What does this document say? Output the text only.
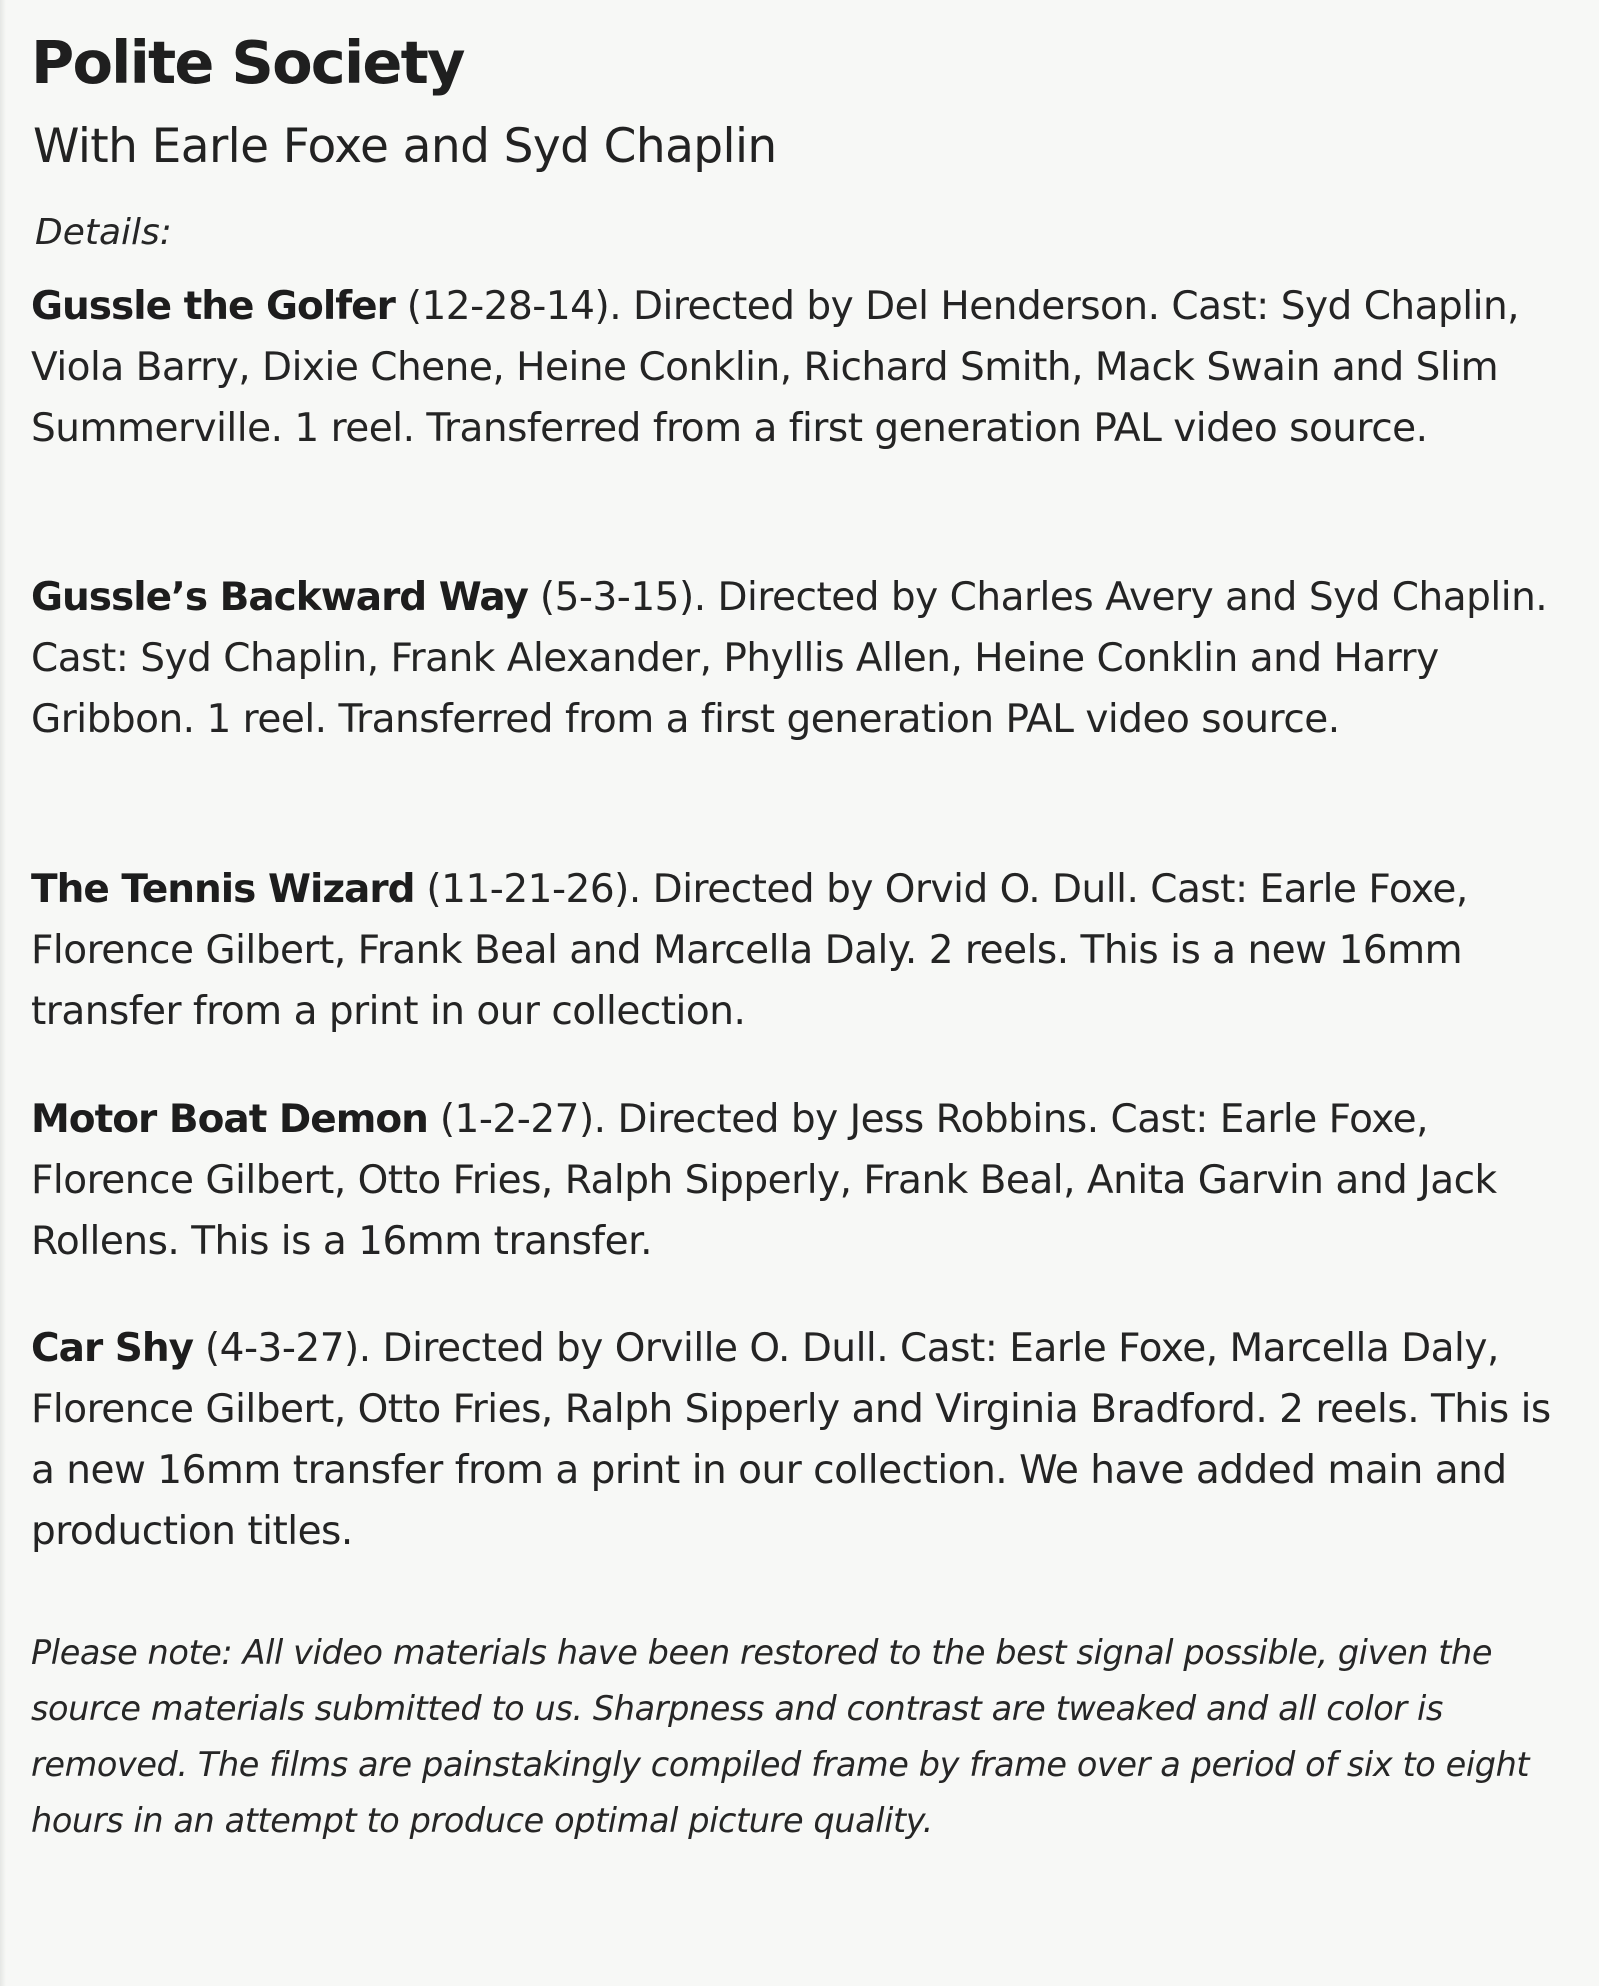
Polite Society
With Earle Foxe and Syd Chaplin

Details:

Gussle the Golfer (12-28-14). Directed by Del Henderson. Cast: Syd Chaplin, Viola Barry, Dixie Chene, Heine Conklin, Richard Smith, Mack Swain and Slim Summerville. 1 reel. Transferred from a first generation PAL video source.

Gussle’s Backward Way (5-3-15). Directed by Charles Avery and Syd Chaplin. Cast: Syd Chaplin, Frank Alexander, Phyllis Allen, Heine Conklin and Harry Gribbon. 1 reel. Transferred from a first generation PAL video source.

The Tennis Wizard (11-21-26). Directed by Orvid O. Dull. Cast: Earle Foxe, Florence Gilbert, Frank Beal and Marcella Daly. 2 reels. This is a new 16mm transfer from a print in our collection.

Motor Boat Demon (1-2-27). Directed by Jess Robbins. Cast: Earle Foxe, Florence Gilbert, Otto Fries, Ralph Sipperly, Frank Beal, Anita Garvin and Jack Rollens. This is a 16mm transfer.

Car Shy (4-3-27). Directed by Orville O. Dull. Cast: Earle Foxe, Marcella Daly, Florence Gilbert, Otto Fries, Ralph Sipperly and Virginia Bradford. 2 reels. This is a new 16mm transfer from a print in our collection. We have added main and production titles.

Please note: All video materials have been restored to the best signal possible, given the source materials submitted to us. Sharpness and contrast are tweaked and all color is removed. The films are painstakingly compiled frame by frame over a period of six to eight hours in an attempt to produce optimal picture quality.
